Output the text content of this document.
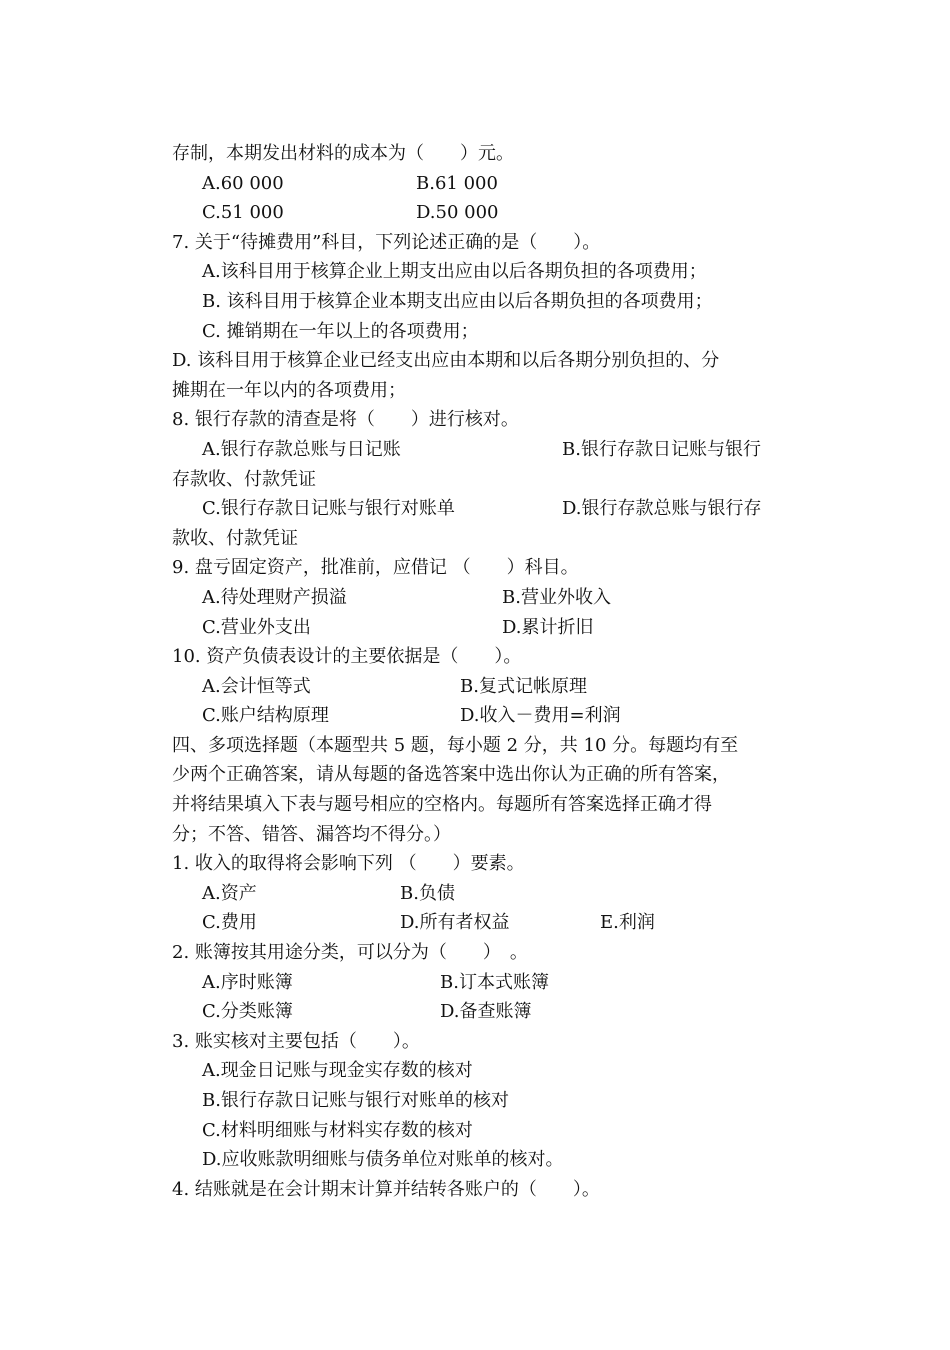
存制，本期发出材料的成本为（　　）元。
A.60 000	B.61 000
C.51 000	D.50 000
7. 关于“待摊费用”科目，下列论述正确的是（　　）。
A.该科目用于核算企业上期支出应由以后各期负担的各项费用；
B. 该科目用于核算企业本期支出应由以后各期负担的各项费用；
C. 摊销期在一年以上的各项费用；
D. 该科目用于核算企业已经支出应由本期和以后各期分别负担的、分
摊期在一年以内的各项费用；
8. 银行存款的清查是将（　　）进行核对。
A.银行存款总账与日记账	B.银行存款日记账与银行
存款收、付款凭证
C.银行存款日记账与银行对账单	D.银行存款总账与银行存
款收、付款凭证
9. 盘亏固定资产，批准前，应借记 （　　）科目。
A.待处理财产损溢	B.营业外收入
C.营业外支出	D.累计折旧
10. 资产负债表设计的主要依据是（　　）。
A.会计恒等式	B.复式记帐原理
C.账户结构原理	D.收入－费用=利润
四、多项选择题（本题型共 5 题，每小题 2 分，共 10 分。每题均有至
少两个正确答案，请从每题的备选答案中选出你认为正确的所有答案，
并将结果填入下表与题号相应的空格内。每题所有答案选择正确才得
分；不答、错答、漏答均不得分。）
1. 收入的取得将会影响下列 （　　）要素。
A.资产	B.负债
C.费用	D.所有者权益	E.利润
2. 账簿按其用途分类，可以分为（　　）　。
A.序时账簿	B.订本式账簿
C.分类账簿	D.备查账簿
3. 账实核对主要包括（　　）。
A.现金日记账与现金实存数的核对
B.银行存款日记账与银行对账单的核对
C.材料明细账与材料实存数的核对
D.应收账款明细账与债务单位对账单的核对。
4. 结账就是在会计期末计算并结转各账户的（　　）。
